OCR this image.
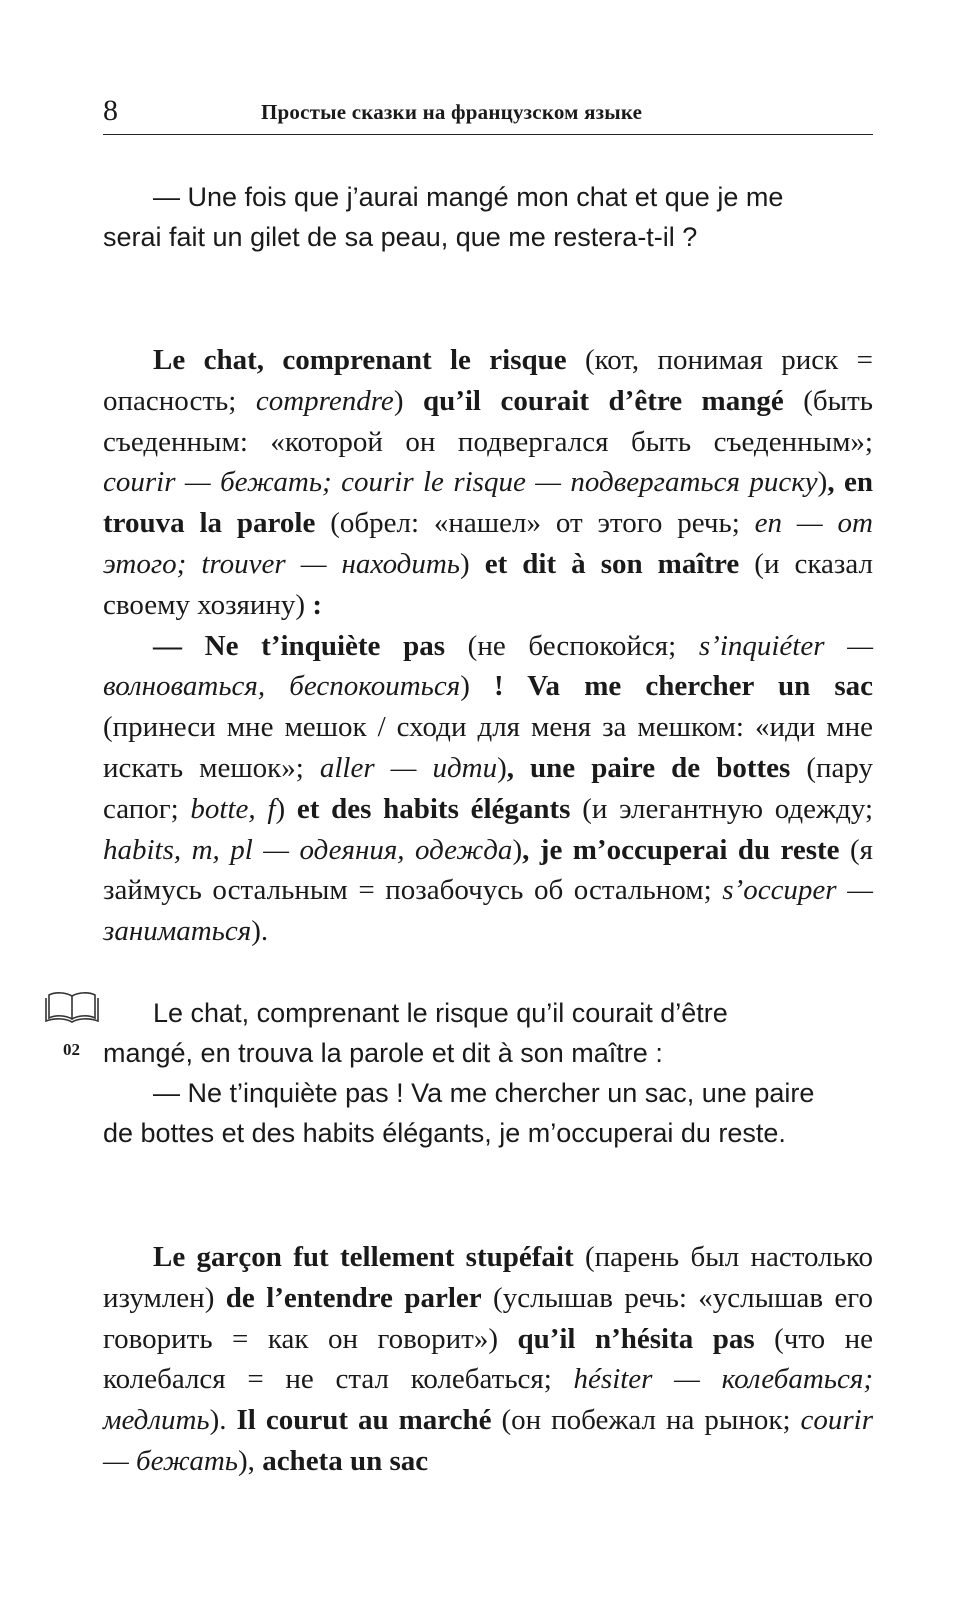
8	Простые сказки на французском языке

— Une fois que j’aurai mangé mon chat et que je me

serai fait un gilet de sa peau, que me restera-t-il ?

Le chat, comprenant le risque (кот, понимая риск = опасность; comprendre) qu’il courait d’être mangé (быть съеденным: «которой он подвергался быть съеденным»; courir — бежать; courir le risque — подвергаться риску), en trouva la parole (обрел: «нашел» от этого речь; en — от этого; trouver — находить) et dit à son maître (и сказал своему хозяину) :

— Ne t’inquiète pas (не беспокойся; s’inquiéter — волноваться, беспокоиться) ! Va me chercher un sac (принеси мне мешок / сходи для меня за мешком: «иди мне искать мешок»; aller — идти), une paire de bottes (пару сапог; botte, f) et des habits élégants (и элегантную одежду; habits, m, pl — одеяния, одежда), je m’occuperai du reste (я займусь остальным = позабочусь об остальном; s’occuper — заниматься).

02

Le chat, comprenant le risque qu’il courait d’être

mangé, en trouva la parole et dit à son maître :

— Ne t’inquiète pas ! Va me chercher un sac, une paire

de bottes et des habits élégants, je m’occuperai du reste.

Le garçon fut tellement stupéfait (парень был настолько изумлен) de l’entendre parler (услышав речь: «услышав его говорить = как он говорит») qu’il n’hésita pas (что не колебался = не стал колебаться; hésiter — колебаться; медлить). Il courut au marché (он побежал на рынок; courir — бежать), acheta un sac
